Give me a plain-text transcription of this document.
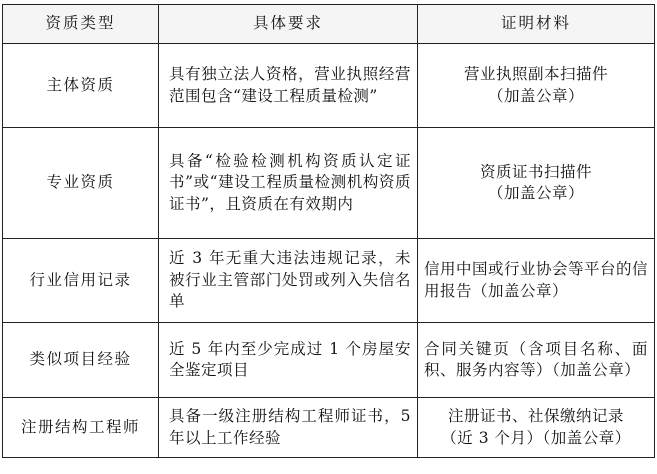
资质类型	具体要求	证明材料
主体资质	具有独立法人资格，营业执照经营范围包含“建设工程质量检测”	营业执照副本扫描件
（加盖公章）

专业资质	具备“检验检测机构资质认定证书”或“建设工程质量检测机构资质证书”，且资质在有效期内	资质证书扫描件
（加盖公章）

行业信用记录	近 3 年无重大违法违规记录，未被行业主管部门处罚或列入失信名单	信用中国或行业协会等平台的信用报告（加盖公章）

类似项目经验	近 5 年内至少完成过 1 个房屋安全鉴定项目	合同关键页（含项目名称、面积、服务内容等）（加盖公章）

注册结构工程师	具备一级注册结构工程师证书，5 年以上工作经验	注册证书、社保缴纳记录
（近 3 个月）（加盖公章）
